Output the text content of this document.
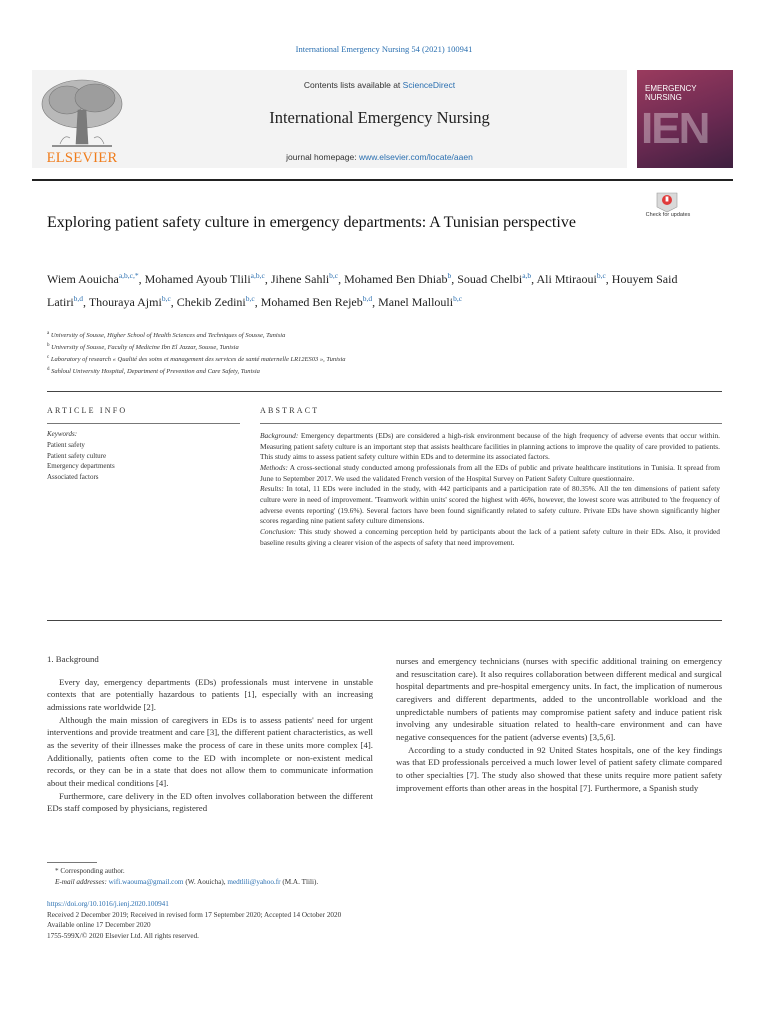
International Emergency Nursing 54 (2021) 100941
ELSEVIER
Contents lists available at ScienceDirect
International Emergency Nursing
journal homepage: www.elsevier.com/locate/aaen
EMERGENCY
NURSING
IEN
Check for updates
Exploring patient safety culture in emergency departments: A Tunisian perspective
Wiem Aouicha$^{a,b,c,*}$, Mohamed Ayoub Tlili$^{a,b,c}$, Jihene Sahli$^{b,c}$, Mohamed Ben Dhiab$^b$, Souad Chelbi$^{a,b}$, Ali Mtiraoui$^{b,c}$, Houyem Said Latiri$^{b,d}$, Thouraya Ajmi$^{b,c}$, Chekib Zedini$^{b,c}$, Mohamed Ben Rejeb$^{b,d}$, Manel Mallouli$^{b,c}$
$^a$ University of Sousse, Higher School of Health Sciences and Techniques of Sousse, Tunisia
$^b$ University of Sousse, Faculty of Medicine Ibn El Jazzar, Sousse, Tunisia
$^c$ Laboratory of research « Qualité des soins et management des services de santé maternelle LR12ES03 », Tunisia
$^d$ Sahloul University Hospital, Department of Prevention and Care Safety, Tunisia
ARTICLE INFO
Keywords:
Patient safety
Patient safety culture
Emergency departments
Associated factors
ABSTRACT

Background: Emergency departments (EDs) are considered a high-risk environment because of the high frequency of adverse events that occur within. Measuring patient safety culture is an important step that assists healthcare facilities in planning actions to improve the quality of care provided to patients. This study aims to assess patient safety culture within EDs and to determine its associated factors.

Methods: A cross-sectional study conducted among professionals from all the EDs of public and private healthcare institutions in Tunisia. It spread from June to September 2017. We used the validated French version of the Hospital Survey on Patient Safety Culture questionnaire.

Results: In total, 11 EDs were included in the study, with 442 participants and a participation rate of 80.35%. All the ten dimensions of patient safety culture were in need of improvement. 'Teamwork within units' scored the highest with 46%, however, the lowest score was attributed to 'the frequency of adverse events reporting' (19.6%). Several factors have been found significantly related to safety culture. Private EDs have shown significantly higher scores regarding nine patient safety culture dimensions.

Conclusion: This study showed a concerning perception held by participants about the lack of a patient safety culture in their EDs. Also, it provided baseline results giving a clearer vision of the aspects of safety that need improvement.

1. Background

Every day, emergency departments (EDs) professionals must intervene in unstable contexts that are potentially hazardous to patients [1], especially with an increasing admissions rate worldwide [2].

Although the main mission of caregivers in EDs is to assess patients' need for urgent interventions and provide treatment and care [3], the different patient characteristics, as well as the severity of their illnesses make the process of care in these units more complex [4]. Additionally, patients often come to the ED with incomplete or non-existent medical records, or they can be in a state that does not allow them to communicate information about their medical conditions [4].

Furthermore, care delivery in the ED often involves collaboration between the different EDs staff composed by physicians, registered

nurses and emergency technicians (nurses with specific additional training on emergency and resuscitation care). It also requires collaboration between different medical and surgical hospital departments and pre-hospital emergency units. In fact, the implication of numerous caregivers and different departments, added to the uncontrollable workload and the unpredictable numbers of patients may compromise patient safety and induce patient risk involving any undesirable situation related to health-care environment and can have negative consequences for the patient (adverse events) [3,5,6].

According to a study conducted in 92 United States hospitals, one of the key findings was that ED professionals perceived a much lower level of patient safety climate compared to other specialties [7]. The study also showed that these units require more patient safety improvement efforts than other areas in the hospital [7]. Furthermore, a Spanish study

* Corresponding author.
E-mail addresses: wifi.waouma@gmail.com (W. Aouicha), medtlili@yahoo.fr (M.A. Tlili).
https://doi.org/10.1016/j.ienj.2020.100941
Received 2 December 2019; Received in revised form 17 September 2020; Accepted 14 October 2020
Available online 17 December 2020
1755-599X/© 2020 Elsevier Ltd. All rights reserved.
